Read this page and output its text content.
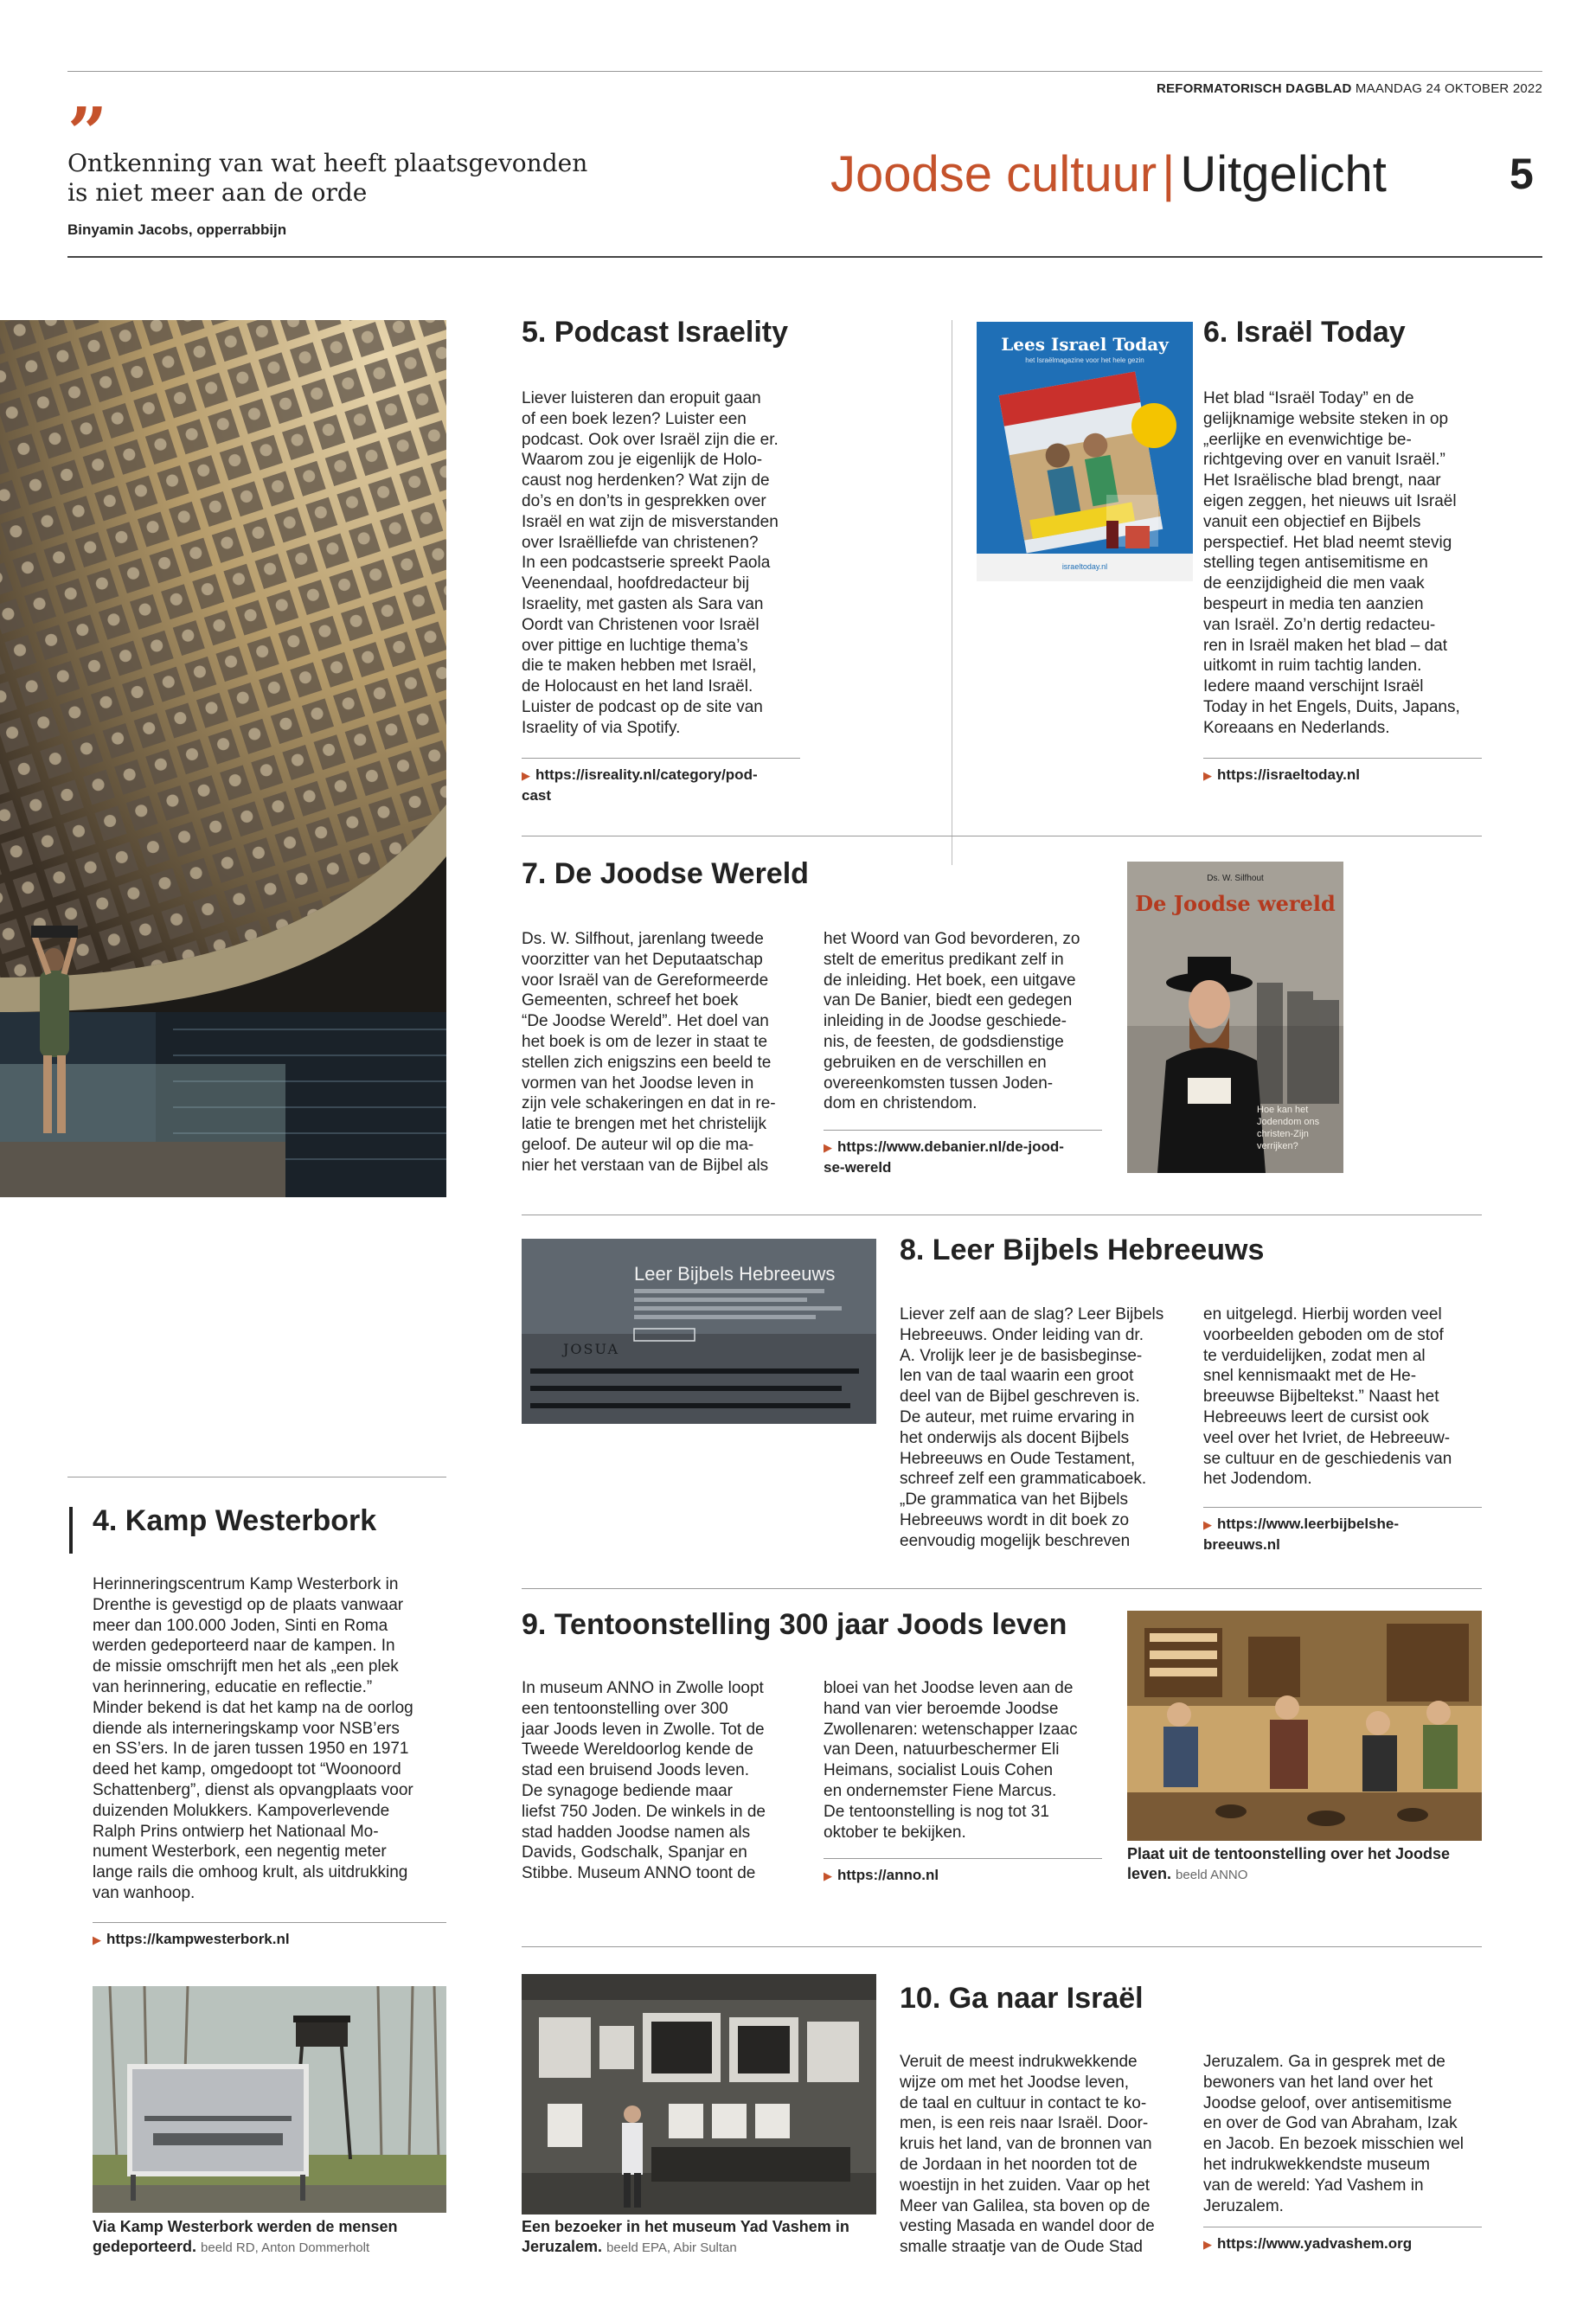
REFORMATORISCH DAGBLAD MAANDAG 24 OKTOBER 2022
”
Ontkenning van wat heeft plaatsgevonden
is niet meer aan de orde
Binyamin Jacobs, opperrabbijn
Joodse cultuur | Uitgelicht	5
5. Podcast Israelity
Liever luisteren dan eropuit gaan
of een boek lezen? Luister een
podcast. Ook over Israël zijn die er.
Waarom zou je eigenlijk de Holo-
caust nog herdenken? Wat zijn de
do’s en don’ts in gesprekken over
Israël en wat zijn de misverstanden
over Israëlliefde van christenen?
In een podcastserie spreekt Paola
Veenendaal, hoofdredacteur bij
Israelity, met gasten als Sara van
Oordt van Christenen voor Israël
over pittige en luchtige thema’s
die te maken hebben met Israël,
de Holocaust en het land Israël.
Luister de podcast op de site van
Israelity of via Spotify.
▶ https://isreality.nl/category/pod-
cast
Lees Israel Today
het Israëlmagazine voor het hele gezin
israeltoday.nl
6. Israël Today
Het blad “Israël Today” en de
gelijknamige website steken in op
„eerlijke en evenwichtige be-
richtgeving over en vanuit Israël.”
Het Israëlische blad brengt, naar
eigen zeggen, het nieuws uit Israël
vanuit een objectief en Bijbels
perspectief. Het blad neemt stevig
stelling tegen antisemitisme en
de eenzijdigheid die men vaak
bespeurt in media ten aanzien
van Israël. Zo’n dertig redacteu-
ren in Israël maken het blad – dat
uitkomt in ruim tachtig landen.
Iedere maand verschijnt Israël
Today in het Engels, Duits, Japans,
Koreaans en Nederlands.
▶ https://israeltoday.nl
7. De Joodse Wereld
Ds. W. Silfhout, jarenlang tweede
voorzitter van het Deputaatschap
voor Israël van de Gereformeerde
Gemeenten, schreef het boek
“De Joodse Wereld”. Het doel van
het boek is om de lezer in staat te
stellen zich enigszins een beeld te
vormen van het Joodse leven in
zijn vele schakeringen en dat in re-
latie te brengen met het christelijk
geloof. De auteur wil op die ma-
nier het verstaan van de Bijbel als
het Woord van God bevorderen, zo
stelt de emeritus predikant zelf in
de inleiding. Het boek, een uitgave
van De Banier, biedt een gedegen
inleiding in de Joodse geschiede-
nis, de feesten, de godsdienstige
gebruiken en de verschillen en
overeenkomsten tussen Joden-
dom en christendom.
▶ https://www.debanier.nl/de-jood-
se-wereld
Ds. W. Silfhout
De Joodse wereld
Hoe kan het Jodendom ons christen-Zijn verrijken?
Leer Bijbels Hebreeuws
JOSUA
8. Leer Bijbels Hebreeuws
Liever zelf aan de slag? Leer Bijbels
Hebreeuws. Onder leiding van dr.
A. Vrolijk leer je de basisbeginse-
len van de taal waarin een groot
deel van de Bijbel geschreven is.
De auteur, met ruime ervaring in
het onderwijs als docent Bijbels
Hebreeuws en Oude Testament,
schreef zelf een grammaticaboek.
„De grammatica van het Bijbels
Hebreeuws wordt in dit boek zo
eenvoudig mogelijk beschreven
en uitgelegd. Hierbij worden veel
voorbeelden geboden om de stof
te verduidelijken, zodat men al
snel kennismaakt met de He-
breeuwse Bijbeltekst.” Naast het
Hebreeuws leert de cursist ook
veel over het Ivriet, de Hebreeuw-
se cultuur en de geschiedenis van
het Jodendom.
▶ https://www.leerbijbelshe-
breeuws.nl
4. Kamp Westerbork
Herinneringscentrum Kamp Westerbork in
Drenthe is gevestigd op de plaats vanwaar
meer dan 100.000 Joden, Sinti en Roma
werden gedeporteerd naar de kampen. In
de missie omschrijft men het als „een plek
van herinnering, educatie en reflectie.”
Minder bekend is dat het kamp na de oorlog
diende als interneringskamp voor NSB’ers
en SS’ers. In de jaren tussen 1950 en 1971
deed het kamp, omgedoopt tot “Woonoord
Schattenberg”, dienst als opvangplaats voor
duizenden Molukkers. Kampoverlevende
Ralph Prins ontwierp het Nationaal Mo-
nument Westerbork, een negentig meter
lange rails die omhoog krult, als uitdrukking
van wanhoop.
▶ https://kampwesterbork.nl
Via Kamp Westerbork werden de mensen
gedeporteerd. beeld RD, Anton Dommerholt
9. Tentoonstelling 300 jaar Joods leven
In museum ANNO in Zwolle loopt
een tentoonstelling over 300
jaar Joods leven in Zwolle. Tot de
Tweede Wereldoorlog kende de
stad een bruisend Joods leven.
De synagoge bediende maar
liefst 750 Joden. De winkels in de
stad hadden Joodse namen als
Davids, Godschalk, Spanjar en
Stibbe. Museum ANNO toont de
bloei van het Joodse leven aan de
hand van vier beroemde Joodse
Zwollenaren: wetenschapper Izaac
van Deen, natuurbeschermer Eli
Heimans, socialist Louis Cohen
en ondernemster Fiene Marcus.
De tentoonstelling is nog tot 31
oktober te bekijken.
▶ https://anno.nl
Plaat uit de tentoonstelling over het Joodse
leven. beeld ANNO
Een bezoeker in het museum Yad Vashem in
Jeruzalem. beeld EPA, Abir Sultan
10. Ga naar Israël
Veruit de meest indrukwekkende
wijze om met het Joodse leven,
de taal en cultuur in contact te ko-
men, is een reis naar Israël. Door-
kruis het land, van de bronnen van
de Jordaan in het noorden tot de
woestijn in het zuiden. Vaar op het
Meer van Galilea, sta boven op de
vesting Masada en wandel door de
smalle straatje van de Oude Stad
Jeruzalem. Ga in gesprek met de
bewoners van het land over het
Joodse geloof, over antisemitisme
en over de God van Abraham, Izak
en Jacob. En bezoek misschien wel
het indrukwekkendste museum
van de wereld: Yad Vashem in
Jeruzalem.
▶ https://www.yadvashem.org
